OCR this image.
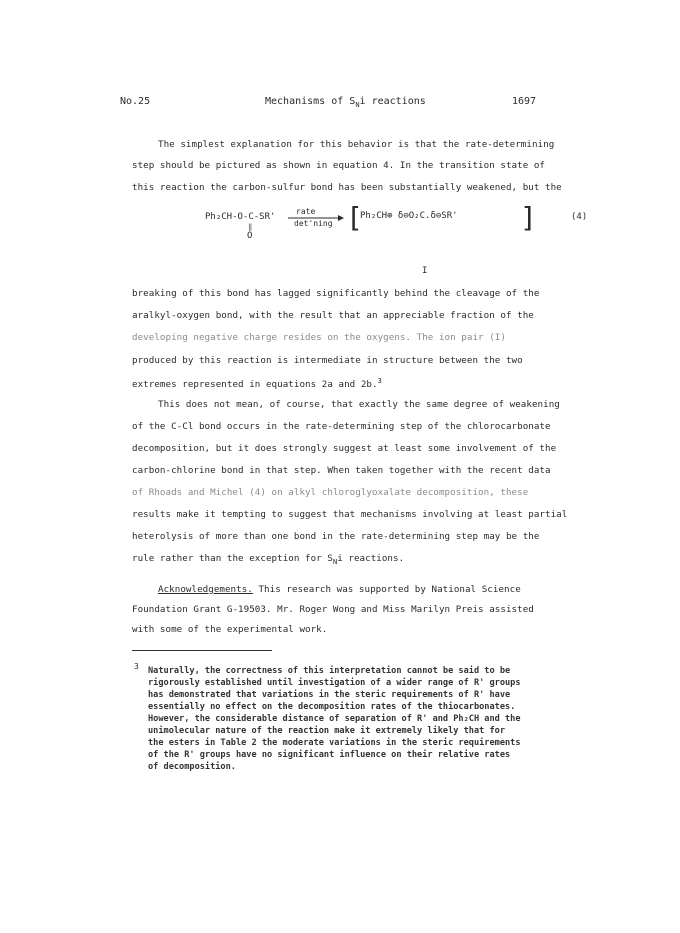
No.25	Mechanisms of $S_Ni$ reactions	1697
The simplest explanation for this behavior is that the rate-determining
step should be pictured as shown in equation 4. In the transition state of
this reaction the carbon-sulfur bond has been substantially weakened, but the
Ph₂CH-O-C-SR'
‖
O
rate
det'ning [
Ph₂CH⊕ δ⊖O₂C.δ⊖SR' ]	(4)
I
breaking of this bond has lagged significantly behind the cleavage of the
aralkyl-oxygen bond, with the result that an appreciable fraction of the
developing negative charge resides on the oxygens. The ion pair (I)
produced by this reaction is intermediate in structure between the two
extremes represented in equations 2a and 2b.$^3$
This does not mean, of course, that exactly the same degree of weakening
of the C-Cl bond occurs in the rate-determining step of the chlorocarbonate
decomposition, but it does strongly suggest at least some involvement of the
carbon-chlorine bond in that step. When taken together with the recent data
of Rhoads and Michel (4) on alkyl chloroglyoxalate decomposition, these
results make it tempting to suggest that mechanisms involving at least partial
heterolysis of more than one bond in the rate-determining step may be the
rule rather than the exception for $S_Ni$ reactions.
Acknowledgements. This research was supported by National Science
Foundation Grant G-19503. Mr. Roger Wong and Miss Marilyn Preis assisted
with some of the experimental work.
3 Naturally, the correctness of this interpretation cannot be said to be
rigorously established until investigation of a wider range of R' groups
has demonstrated that variations in the steric requirements of R' have
essentially no effect on the decomposition rates of the thiocarbonates.
However, the considerable distance of separation of R' and Ph₂CH and the
unimolecular nature of the reaction make it extremely likely that for
the esters in Table 2 the moderate variations in the steric requirements
of the R' groups have no significant influence on their relative rates
of decomposition.
